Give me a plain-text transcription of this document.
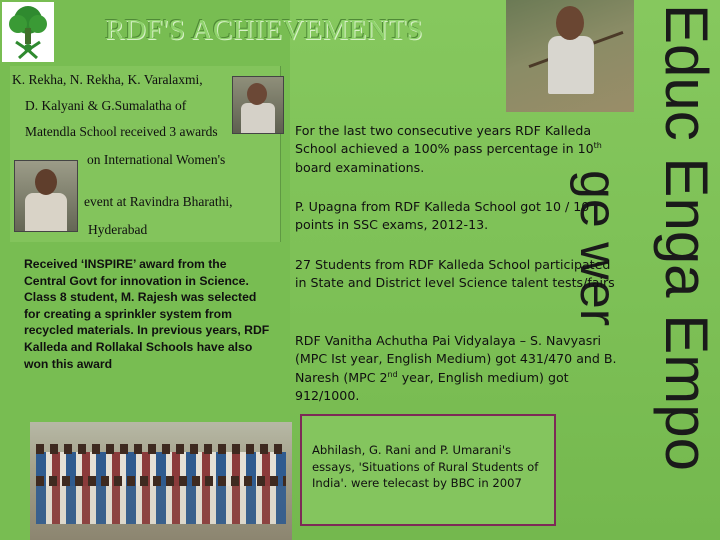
RDF'S ACHIEVEMENTS	Educ Enga Empo
ge wer
K. Rekha, N. Rekha, K. Varalaxmi,
D. Kalyani & G.Sumalatha of
Matendla School received 3 awards
on International Women's
event at Ravindra Bharathi,
Hyderabad
Received ‘INSPIRE’ award from the Central Govt for innovation in Science. Class 8 student, M. Rajesh was selected for creating a sprinkler system from recycled materials. In previous years, RDF Kalleda and Rollakal Schools have also won this award
For the last two consecutive years RDF Kalleda School achieved a 100% pass percentage in 10th board examinations.
P. Upagna from RDF Kalleda School got 10 / 10 points in SSC exams, 2012-13.
27 Students from RDF Kalleda School participated in State and District level Science talent tests/fairs
RDF Vanitha Achutha Pai Vidyalaya – S. Navyasri (MPC Ist year, English Medium) got 431/470 and B. Naresh (MPC 2nd year, English medium) got 912/1000.
Abhilash, G. Rani and P. Umarani's essays, 'Situations of Rural Students of India'. were telecast by BBC in 2007
